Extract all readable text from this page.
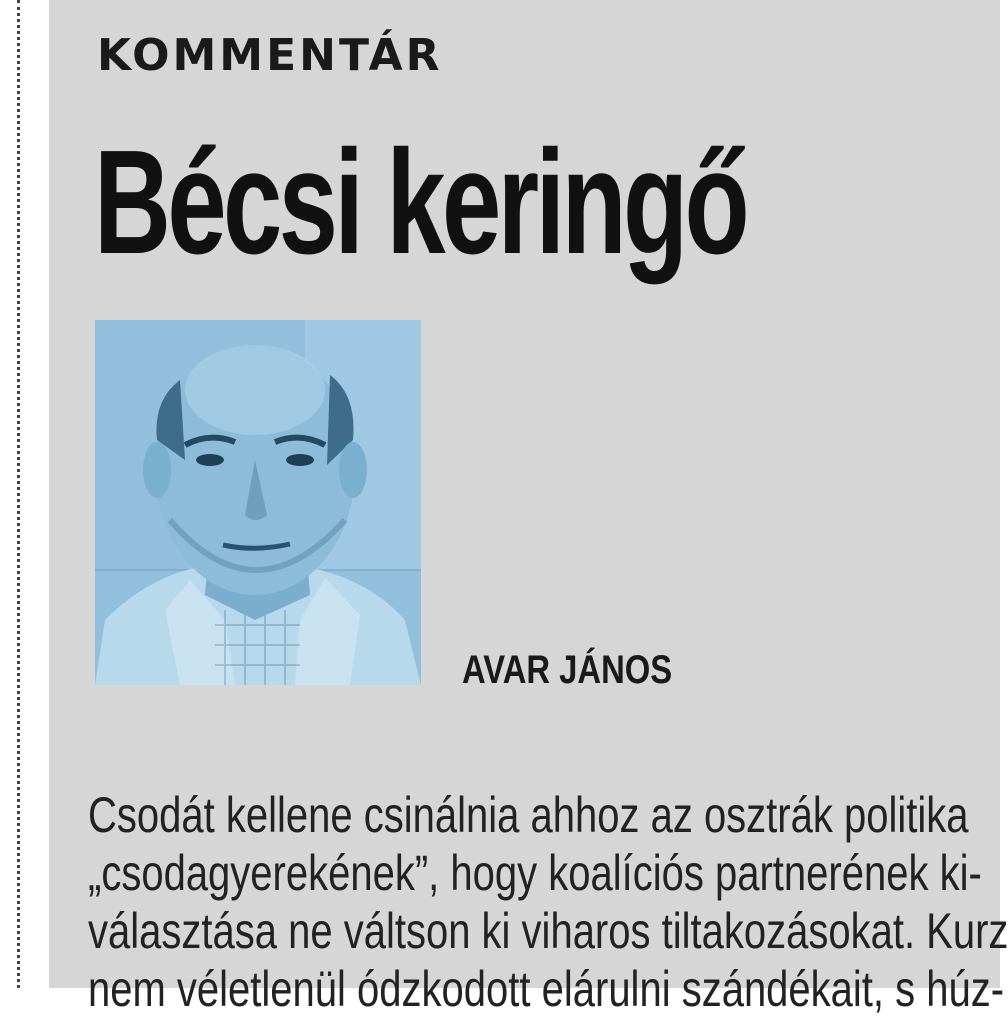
KOMMENTÁR
Bécsi keringő
AVAR JÁNOS
Csodát kellene csinálnia ahhoz az osztrák politika
„csodagyerekének”, hogy koalíciós partnerének ki-
választása ne váltson ki viharos tiltakozásokat. Kurz
nem véletlenül ódzkodott elárulni szándékait, s húz-
